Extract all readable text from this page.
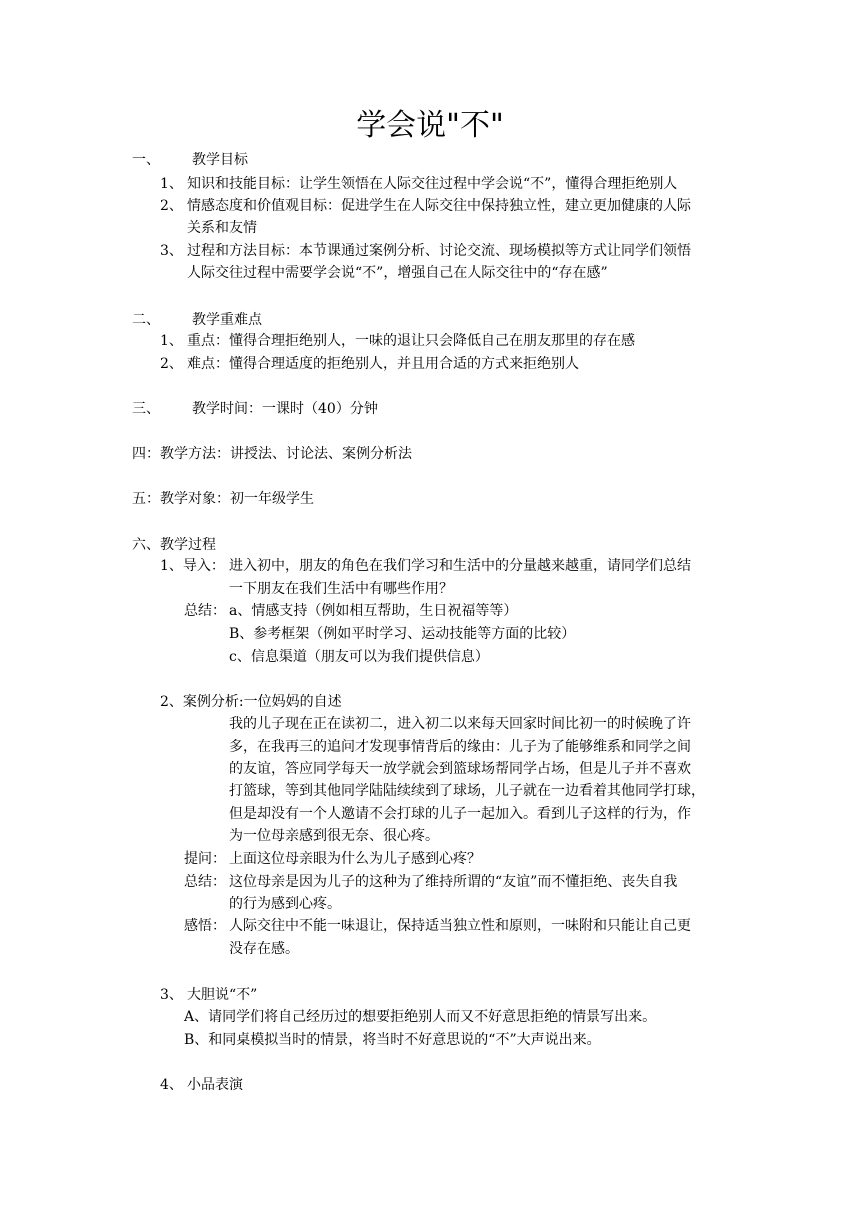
学会说"不"
一、 教学目标
1、 知识和技能目标：让学生领悟在人际交往过程中学会说“不”，懂得合理拒绝别人
2、 情感态度和价值观目标：促进学生在人际交往中保持独立性，建立更加健康的人际
关系和友情
3、 过程和方法目标：本节课通过案例分析、讨论交流、现场模拟等方式让同学们领悟
人际交往过程中需要学会说“不”，增强自己在人际交往中的“存在感”
二、 教学重难点
1、 重点：懂得合理拒绝别人，一味的退让只会降低自己在朋友那里的存在感
2、 难点：懂得合理适度的拒绝别人，并且用合适的方式来拒绝别人
三、 教学时间：一课时（40）分钟
四：教学方法：讲授法、讨论法、案例分析法
五：教学对象：初一年级学生
六、教学过程
1、导入： 进入初中，朋友的角色在我们学习和生活中的分量越来越重，请同学们总结
一下朋友在我们生活中有哪些作用？
总结： a、情感支持（例如相互帮助，生日祝福等等）
B、参考框架（例如平时学习、运动技能等方面的比较）
c、信息渠道（朋友可以为我们提供信息）
2、案例分析:一位妈妈的自述
我的儿子现在正在读初二，进入初二以来每天回家时间比初一的时候晚了许
多，在我再三的追问才发现事情背后的缘由：儿子为了能够维系和同学之间
的友谊，答应同学每天一放学就会到篮球场帮同学占场，但是儿子并不喜欢
打篮球，等到其他同学陆陆续续到了球场，儿子就在一边看着其他同学打球，
但是却没有一个人邀请不会打球的儿子一起加入。看到儿子这样的行为，作
为一位母亲感到很无奈、很心疼。
提问： 上面这位母亲眼为什么为儿子感到心疼？
总结： 这位母亲是因为儿子的这种为了维持所谓的“友谊”而不懂拒绝、丧失自我
的行为感到心疼。
感悟： 人际交往中不能一味退让，保持适当独立性和原则，一味附和只能让自己更
没存在感。
3、 大胆说“不”
A、请同学们将自己经历过的想要拒绝别人而又不好意思拒绝的情景写出来。
B、和同桌模拟当时的情景，将当时不好意思说的“不”大声说出来。
4、 小品表演
